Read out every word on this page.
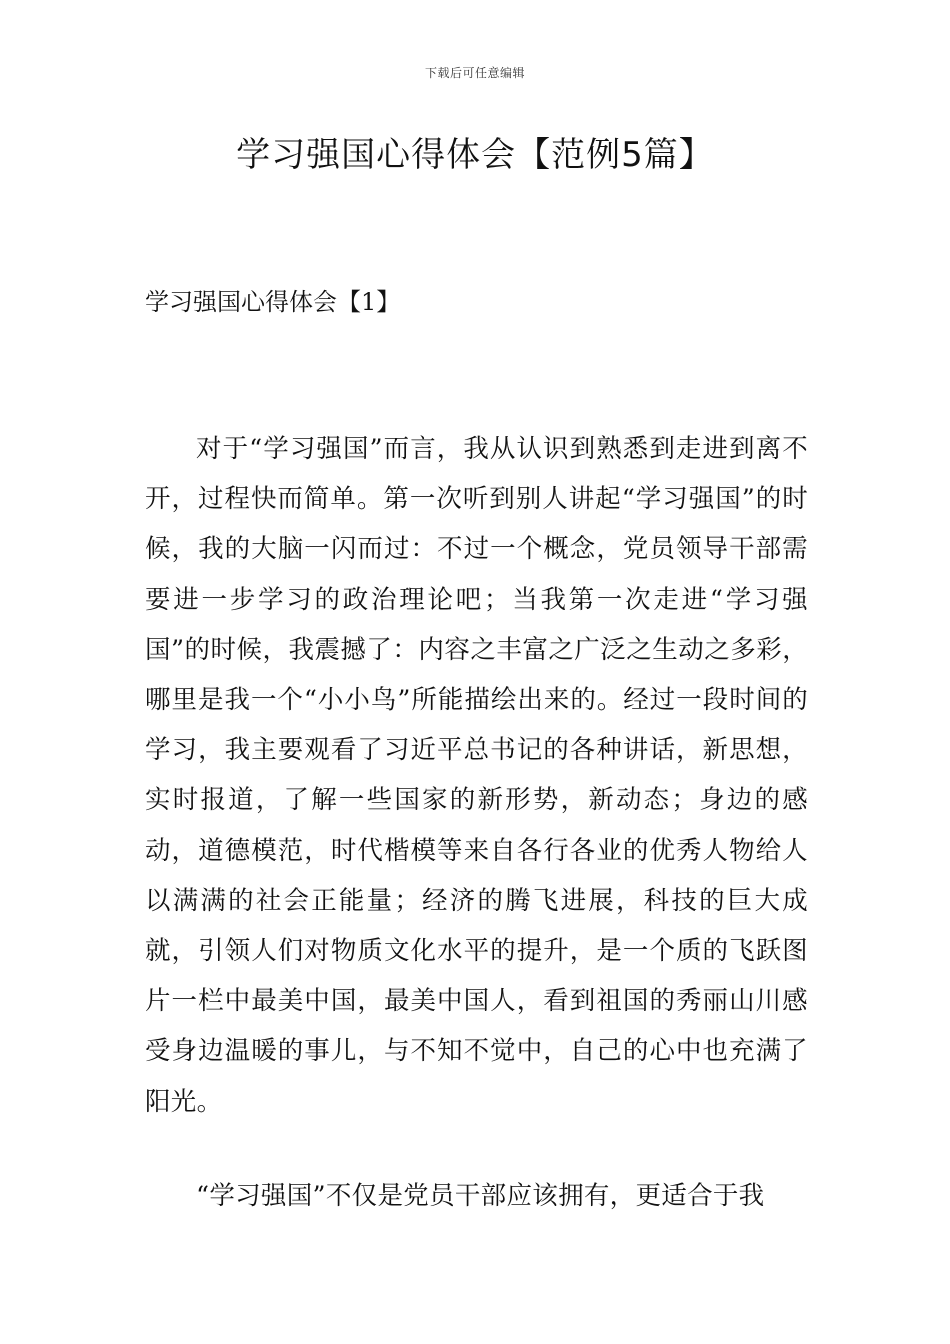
下载后可任意编辑
学习强国心得体会【范例5篇】
学习强国心得体会【1】

对于“学习强国”而言，我从认识到熟悉到走进到离不开，过程快而简单。第一次听到别人讲起“学习强国”的时候，我的大脑一闪而过：不过一个概念，党员领导干部需要进一步学习的政治理论吧；当我第一次走进“学习强国”的时候，我震撼了：内容之丰富之广泛之生动之多彩，哪里是我一个“小小鸟”所能描绘出来的。经过一段时间的学习，我主要观看了习近平总书记的各种讲话，新思想，实时报道，了解一些国家的新形势，新动态；身边的感动，道德模范，时代楷模等来自各行各业的优秀人物给人以满满的社会正能量；经济的腾飞进展，科技的巨大成就，引领人们对物质文化水平的提升，是一个质的飞跃图片一栏中最美中国，最美中国人，看到祖国的秀丽山川感受身边温暖的事儿，与不知不觉中，自己的心中也充满了阳光。

“学习强国”不仅是党员干部应该拥有，更适合于我
